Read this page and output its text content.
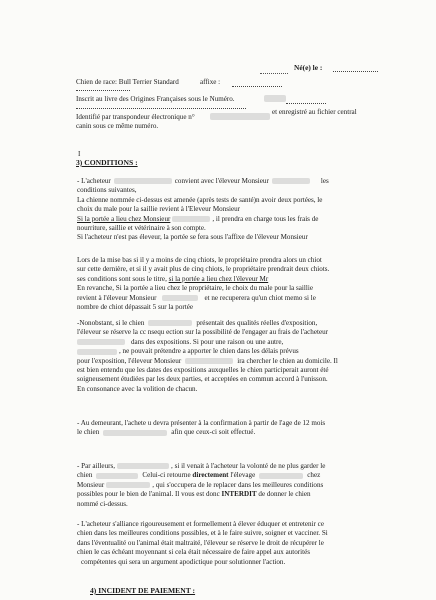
Né(e) le :
Chien de race: Bull Terrier Standard	affixe :
Inscrit au livre des Origines Françaises sous le Numéro.
Identifié par transpondeur électronique n°
et enregistré au fichier central
canin sous ce même numéro.
I
3) CONDITIONS :

- L'acheteur	convient avec l'éleveur Monsieur	les

conditions suivantes,

La chienne nommée ci-dessus est amenée (après tests de santé)n avoir deux portées, le

choix du male pour la saillie revient à l'Eleveur Monsieur

Si la portée a lieu chez Monsieur	, il prendra en charge tous les frais de

nourriture, saillie et vétérinaire à son compte.

Si l'acheteur n'est pas éleveur, la portée se fera sous l'affixe de l'éleveur Monsieur

Lors de la mise bas si il y a moins de cinq chiots, le propriétaire prendra alors un chiot

sur cette dernière, et si il y avait plus de cinq chiots, le propriétaire prendrait deux chiots.

ses conditions sont sous le titre, si la portée a lieu chez l'éleveur Mr

En revanche, Si la portée a lieu chez le propriétaire, le choix du male pour la saillie

revient à l'éleveur Monsieur	et ne recuperera qu'un chiot memo si le

nombre de chiot dépassait 5 sur la portée

-Nonobstant, si le chien	présentait des qualités réelles d'exposition,

l'éleveur se réserve la cc nsequ ection sur la possibilité de l'engager au frais de l'acheteur

dans des expositions. Si pour une raison ou une autre,

, ne pouvait prétendre a apporter le chien dans les délais prévus

pour l'exposition, l'éleveur Monsieur	ira chercher le chien au domicile. Il

est bien entendu que les dates des expositions auxquelles le chien participerait auront été

soigneusement étudiées par les deux parties, et acceptées en commun accord à l'unisson.

En consonance avec la volition de chacun.

- Au demeurant, l'achete u devra présenter à la confirmation à partir de l'age de 12 mois

le chien	afin que ceux-ci soit effectué.

- Par ailleurs,	, si il venait à l'acheteur la volonté de ne plus garder le

chien	Celui-ci retourne directement l'élevage	chez

Monsieur	, qui s'occupera de le replacer dans les meilleures conditions

possibles pour le bien de l'animal. Il vous est donc INTERDIT de donner le chien

nommé ci-dessus.

- L'acheteur s'alliance rigoureusement et formellement à élever éduquer et entretenir ce

chien dans les meilleures conditions possibles, et à le faire suivre, soigner et vacciner. Si

dans l'éventualité ou l'animal était maltraité, l'éleveur se réserve le droit de récupérer le

chien le cas échéant moyennant si cela était nécessaire de faire appel aux autorités

compétentes qui sera un argument apodictique pour solutionner l'action.

4) INCIDENT DE PAIEMENT :
